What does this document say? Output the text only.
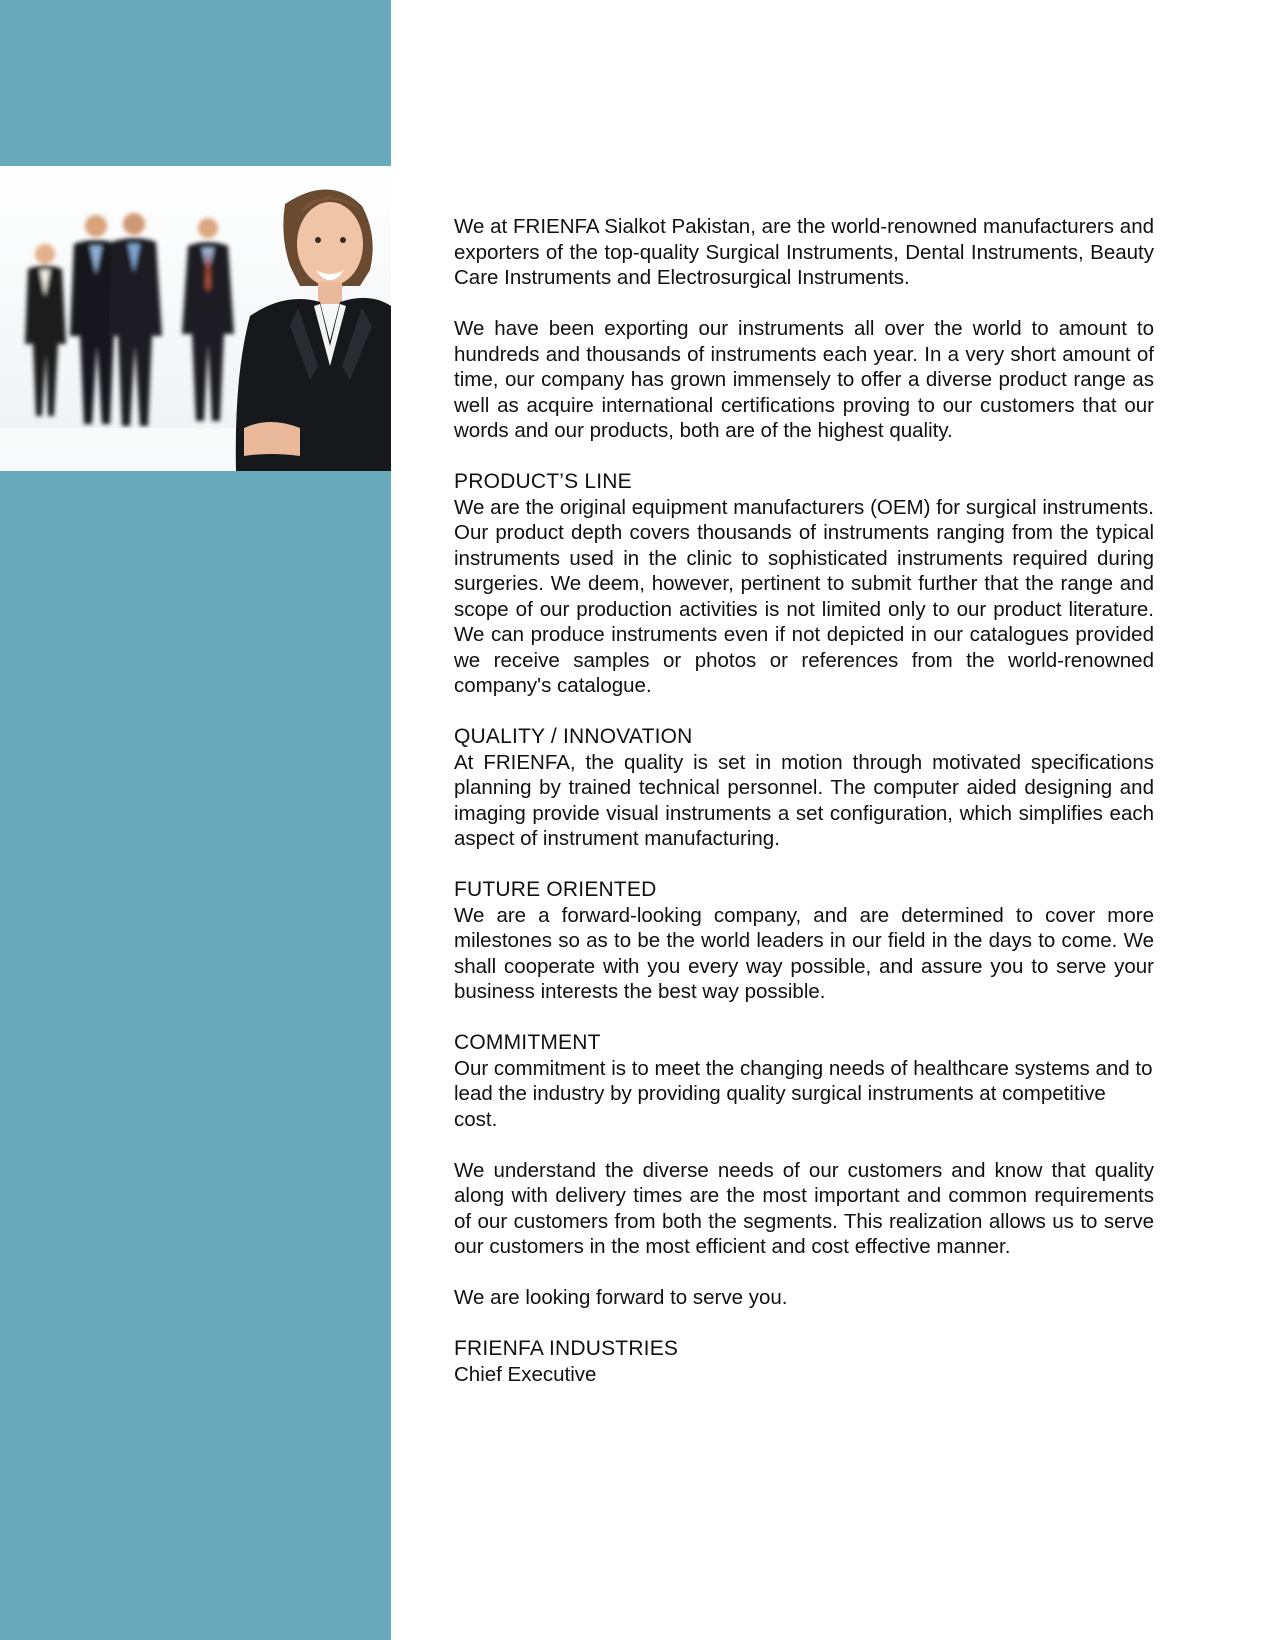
We at FRIENFA Sialkot Pakistan, are the world-renowned manufacturers and exporters of the top-quality Surgical Instruments, Dental Instruments, Beauty Care Instruments and Electrosurgical Instruments.

We have been exporting our instruments all over the world to amount to hundreds and thousands of instruments each year. In a very short amount of time, our company has grown immensely to offer a diverse product range as well as acquire international certifications proving to our customers that our words and our products, both are of the highest quality.

PRODUCT’S LINE

We are the original equipment manufacturers (OEM) for surgical instruments. Our product depth covers thousands of instruments ranging from the typical instruments used in the clinic to sophisticated instruments required during surgeries. We deem, however, pertinent to submit further that the range and scope of our production activities is not limited only to our product literature. We can produce instruments even if not depicted in our catalogues provided we receive samples or photos or references from the world-renowned company's catalogue.

QUALITY / INNOVATION

At FRIENFA, the quality is set in motion through motivated specifications planning by trained technical personnel. The computer aided designing and imaging provide visual instruments a set configuration, which simplifies each aspect of instrument manufacturing.

FUTURE ORIENTED

We are a forward-looking company, and are determined to cover more milestones so as to be the world leaders in our field in the days to come. We shall cooperate with you every way possible, and assure you to serve your business interests the best way possible.

COMMITMENT

Our commitment is to meet the changing needs of healthcare systems and to lead the industry by providing quality surgical instruments at competitive cost.

We understand the diverse needs of our customers and know that quality along with delivery times are the most important and common requirements of our customers from both the segments. This realization allows us to serve our customers in the most efficient and cost effective manner.

We are looking forward to serve you.

FRIENFA INDUSTRIES

Chief Executive
